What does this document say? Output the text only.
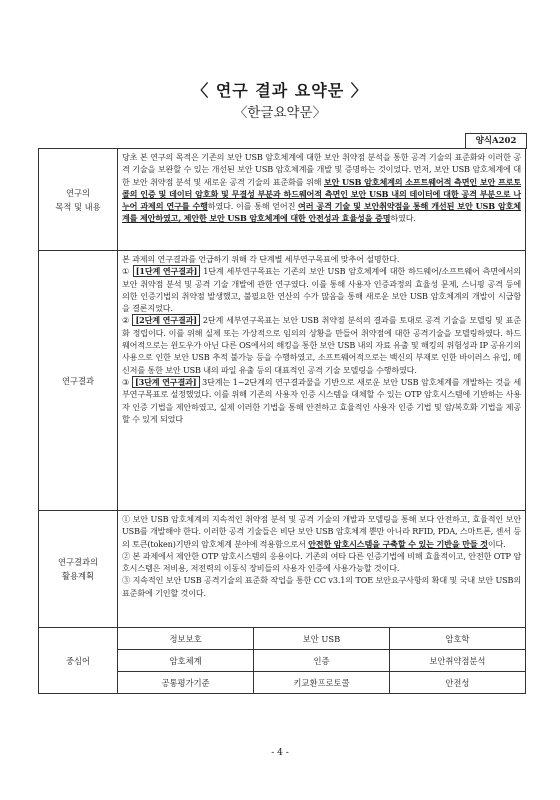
〈 연구 결과 요약문 〉
〈한글요약문〉
양식A202
연구의
목적 및 내용	당초 본 연구의 목적은 기존의 보안 USB 암호체계에 대한 보안 취약점 분석을 통한 공격 기술의 표준화와 이러한 공격 기술을 보완할 수 있는 개선된 보안 USB 암호체계를 개발 및 증명하는 것이었다. 먼저, 보안 USB 암호체계에 대한 보안 취약점 분석 및 새로운 공격 기술의 표준화를 위해 보안 USB 암호체계의 소프트웨어적 측면인 보안 프로토콜의 인증 및 데이터 암호화 및 무결성 부분과 하드웨어적 측면인 보안 USB 내의 데이터에 대한 공격 부분으로 나누어 과제의 연구를 수행하였다. 이를 통해 얻어진 여러 공격 기술 및 보안취약점을 통해 개선된 보안 USB 암호체계를 제안하였고, 제안한 보안 USB 암호체계에 대한 안전성과 효율성을 증명하였다.
연구결과	
본 과제의 연구결과를 언급하기 위해 각 단계별 세부연구목표에 맞추어 설명한다.
① [1단계 연구결과] 1단계 세부연구목표는 기존의 보안 USB 암호체계에 대한 하드웨어/소프트웨어 측면에서의 보안 취약점 분석 및 공격 기술 개발에 관한 연구였다. 이를 통해 사용자 인증과정의 효율성 문제, 스니핑 공격 등에 의한 인증기법의 취약점 발생했고, 불필요한 연산의 수가 많음을 통해 새로운 보안 USB 암호체계의 개발이 시급함을 결론지었다.
② [2단계 연구결과] 2단계 세부연구목표는 보안 USB 취약점 분석의 결과를 토대로 공격 기술을 모델링 및 표준화 정립이다. 이를 위해 실제 또는 가상적으로 임의의 상황을 만들어 취약점에 대한 공격기술을 모델링하였다. 하드웨어적으로는 윈도우가 아닌 다른 OS에서의 해킹을 통한 보안 USB 내의 자료 유출 및 해킹의 위험성과 IP 공유기의 사용으로 인한 보안 USB 추적 불가능 등을 수행하였고, 소프트웨어적으로는 백신의 부재로 인한 바이러스 유입, 메신저를 통한 보안 USB 내의 파일 유출 등의 대표적인 공격 기술 모델링을 수행하였다.
③ [3단계 연구결과] 3단계는 1~2단계의 연구결과물을 기반으로 새로운 보안 USB 암호체계를 개발하는 것을 세부연구목표로 설정했었다. 이를 위해 기존의 사용자 인증 시스템을 대체할 수 있는 OTP 암호시스템에 기반하는 사용자 인증 기법을 제안하였고, 실제 이러한 기법을 통해 안전하고 효율적인 사용자 인증 기법 및 암/복호화 기법을 제공할 수 있게 되었다

연구결과의
활용계획	
① 보안 USB 암호체계의 지속적인 취약점 분석 및 공격 기술의 개발과 모델링을 통해 보다 안전하고, 효율적인 보안 USB를 개발해야 한다. 이러한 공격 기술들은 비단 보안 USB 암호체계 뿐만 아니라 RFID, PDA, 스마트폰, 센서 등의 토큰(token)기반의 암호체계 분야에 적용함으로서 안전한 암호시스템을 구축할 수 있는 기반을 만들 것이다.
② 본 과제에서 제안한 OTP 암호시스템의 응용이다. 기존의 여타 다른 인증기법에 비해 효율적이고, 안전한 OTP 암호시스템은 저비용, 저전력의 이동식 장비들의 사용자 인증에 사용가능할 것이다.
③ 지속적인 보안 USB 공격기술의 표준화 작업을 통한 CC v3.1의 TOE 보안요구사항의 확대 및 국내 보안 USB의 표준화에 기인할 것이다.

중심어	
정보보호	보안 USB	암호학
암호체계	인증	보안취약점분석
공통평가기준	키교환프로토콜	안전성
- 4 -
